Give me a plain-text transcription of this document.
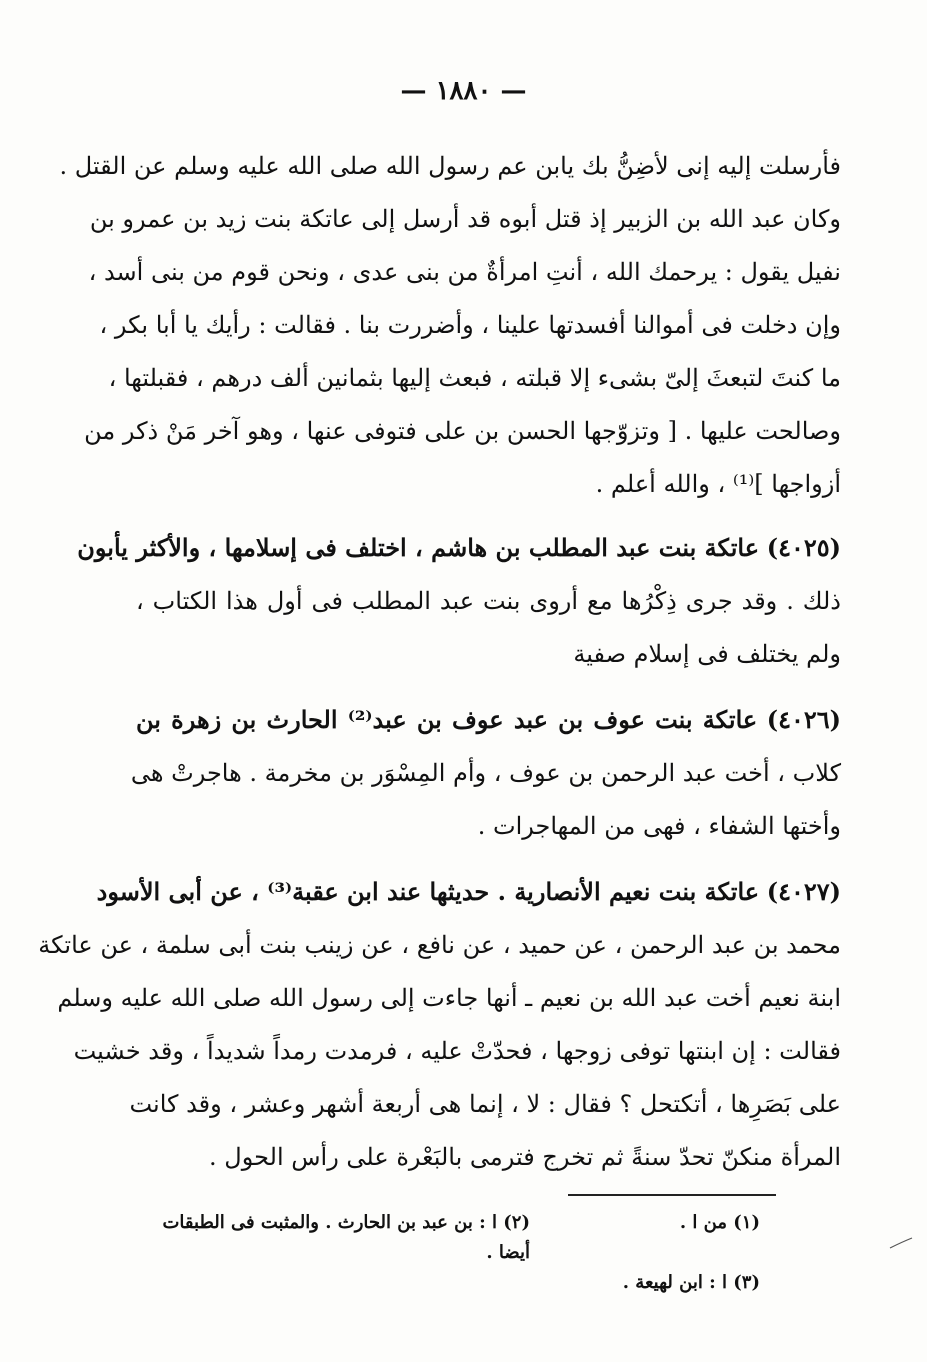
— ١٨٨٠ —
فأرسلت إليه إنى لأضِنُّ بك يابن عم رسول الله صلى الله عليه وسلم عن القتل .
وكان عبد الله بن الزبير إذ قتل أبوه قد أرسل إلى عاتكة بنت زيد بن عمرو بن
نفيل يقول : يرحمك الله ، أنتِ امرأةٌ من بنى عدى ، ونحن قوم من بنى أسد ،
وإن دخلت فى أموالنا أفسدتها علينا ، وأضررت بنا . فقالت : رأيك يا أبا بكر ،
ما كنتَ لتبعثَ إلىّ بشىء إلا قبلته ، فبعث إليها بثمانين ألف درهم ، فقبلتها ،
وصالحت عليها . [ وتزوّجها الحسن بن على فتوفى عنها ، وهو آخر مَنْ ذكر من
أزواجها ]⁽¹⁾ ، والله أعلم .
(٤٠٢٥) عاتكة بنت عبد المطلب بن هاشم ، اختلف فى إسلامها ، والأكثر يأبون
ذلك . وقد جرى ذِكْرُها مع أروى بنت عبد المطلب فى أول هذا الكتاب ،
ولم يختلف فى إسلام صفية
(٤٠٢٦) عاتكة بنت عوف بن عبد عوف بن عبد⁽²⁾ الحارث بن زهرة بن
كلاب ، أخت عبد الرحمن بن عوف ، وأم المِسْوَر بن مخرمة . هاجرتْ هى
وأختها الشفاء ، فهى من المهاجرات .
(٤٠٢٧) عاتكة بنت نعيم الأنصارية . حديثها عند ابن عقبة⁽³⁾ ، عن أبى الأسود
محمد بن عبد الرحمن ، عن حميد ، عن نافع ، عن زينب بنت أبى سلمة ، عن عاتكة
ابنة نعيم أخت عبد الله بن نعيم ـ أنها جاءت إلى رسول الله صلى الله عليه وسلم
فقالت : إن ابنتها توفى زوجها ، فحدّتْ عليه ، فرمدت رمداً شديداً ، وقد خشيت
على بَصَرِها ، أتكتحل ؟ فقال : لا ، إنما هى أربعة أشهر وعشر ، وقد كانت
المرأة منكنّ تحدّ سنةً ثم تخرج فترمى بالبَعْرة على رأس الحول .
(١) من ا .
(٢) ا : بن عبد بن الحارث . والمثبت فى الطبقات أيضا .
(٣) ا : ابن لهيعة .
